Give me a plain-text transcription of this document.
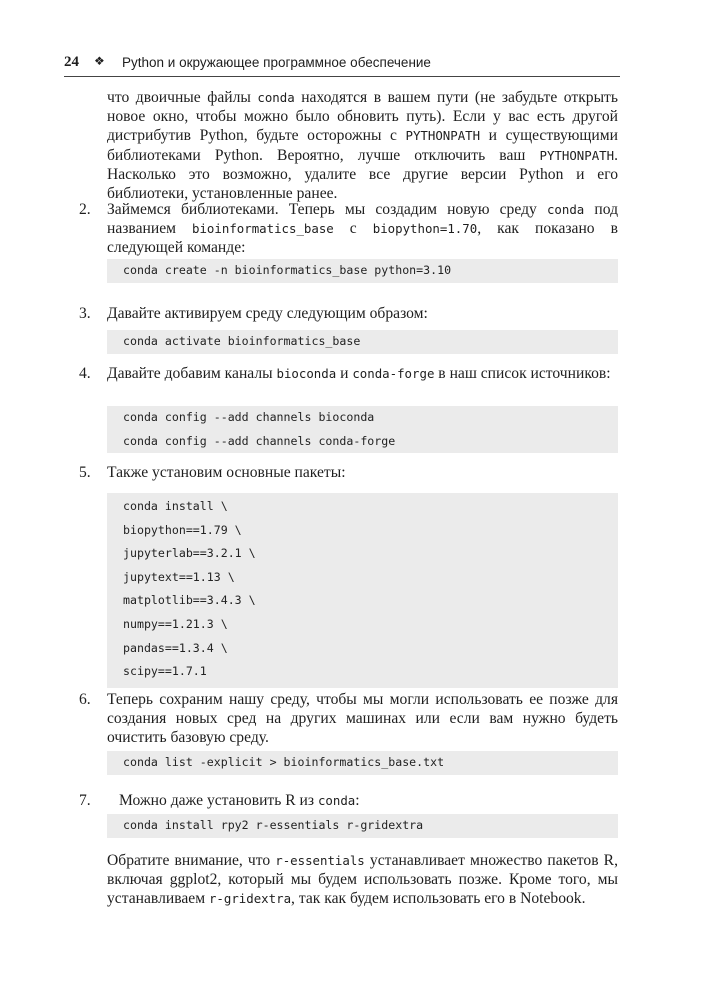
24 ❖ Python и окружающее программное обеспечение
что двоичные файлы conda находятся в вашем пути (не забудьте открыть новое окно, чтобы можно было обновить путь). Если у вас есть другой дистрибутив Python, будьте осторожны с PYTHONPATH и существующими библиотеками Python. Вероятно, лучше отключить ваш PYTHONPATH. Насколько это возможно, удалите все другие версии Python и его библиотеки, установленные ранее.
2. Займемся библиотеками. Теперь мы создадим новую среду conda под названием bioinformatics_base с biopython=1.70, как показано в следующей команде:
conda create -n bioinformatics_base python=3.10
3. Давайте активируем среду следующим образом:
conda activate bioinformatics_base
4. Давайте добавим каналы bioconda и conda-forge в наш список источников:
conda config --add channels bioconda
conda config --add channels conda-forge
5. Также установим основные пакеты:
conda install \
biopython==1.79 \
jupyterlab==3.2.1 \
jupytext==1.13 \
matplotlib==3.4.3 \
numpy==1.21.3 \
pandas==1.3.4 \
scipy==1.7.1
6. Теперь сохраним нашу среду, чтобы мы могли использовать ее позже для создания новых сред на других машинах или если вам нужно будеть очистить базовую среду.
conda list -explicit > bioinformatics_base.txt
7. Можно даже установить R из conda:
conda install rpy2 r-essentials r-gridextra
Обратите внимание, что r-essentials устанавливает множество пакетов R, включая ggplot2, который мы будем использовать позже. Кроме того, мы устанавливаем r-gridextra, так как будем использовать его в Notebook.
